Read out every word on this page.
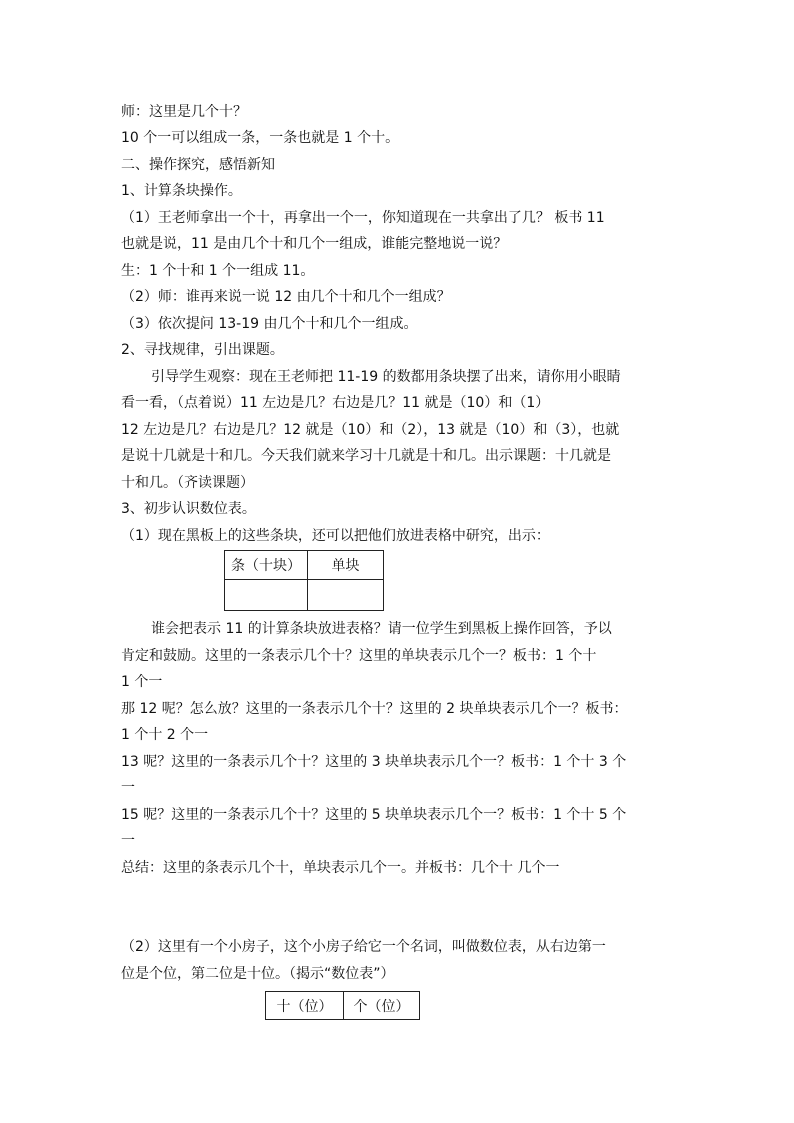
师：这里是几个十？
10 个一可以组成一条，一条也就是 1 个十。
二、操作探究，感悟新知
1、计算条块操作。
（1）王老师拿出一个十，再拿出一个一，你知道现在一共拿出了几？ 板书 11
也就是说，11 是由几个十和几个一组成，谁能完整地说一说？
生：1 个十和 1 个一组成 11。
（2）师：谁再来说一说 12 由几个十和几个一组成？
（3）依次提问 13-19 由几个十和几个一组成。
2、寻找规律，引出课题。
引导学生观察：现在王老师把 11-19 的数都用条块摆了出来，请你用小眼睛
看一看，（点着说）11 左边是几？右边是几？11 就是（10）和（1）
12 左边是几？右边是几？12 就是（10）和（2），13 就是（10）和（3），也就
是说十几就是十和几。今天我们就来学习十几就是十和几。出示课题：十几就是
十和几。（齐读课题）
3、初步认识数位表。
（1）现在黑板上的这些条块，还可以把他们放进表格中研究，出示：
条（十块）	单块

谁会把表示 11 的计算条块放进表格？请一位学生到黑板上操作回答，予以
肯定和鼓励。这里的一条表示几个十？这里的单块表示几个一？板书：1 个十
1 个一
那 12 呢？怎么放？这里的一条表示几个十？这里的 2 块单块表示几个一？板书：
1 个十 2 个一
13 呢？这里的一条表示几个十？这里的 3 块单块表示几个一？板书：1 个十 3 个
一
15 呢？这里的一条表示几个十？这里的 5 块单块表示几个一？板书：1 个十 5 个
一
总结：这里的条表示几个十，单块表示几个一。并板书：几个十 几个一
（2）这里有一个小房子，这个小房子给它一个名词，叫做数位表，从右边第一
位是个位，第二位是十位。（揭示“数位表”）
十（位）	个（位）
